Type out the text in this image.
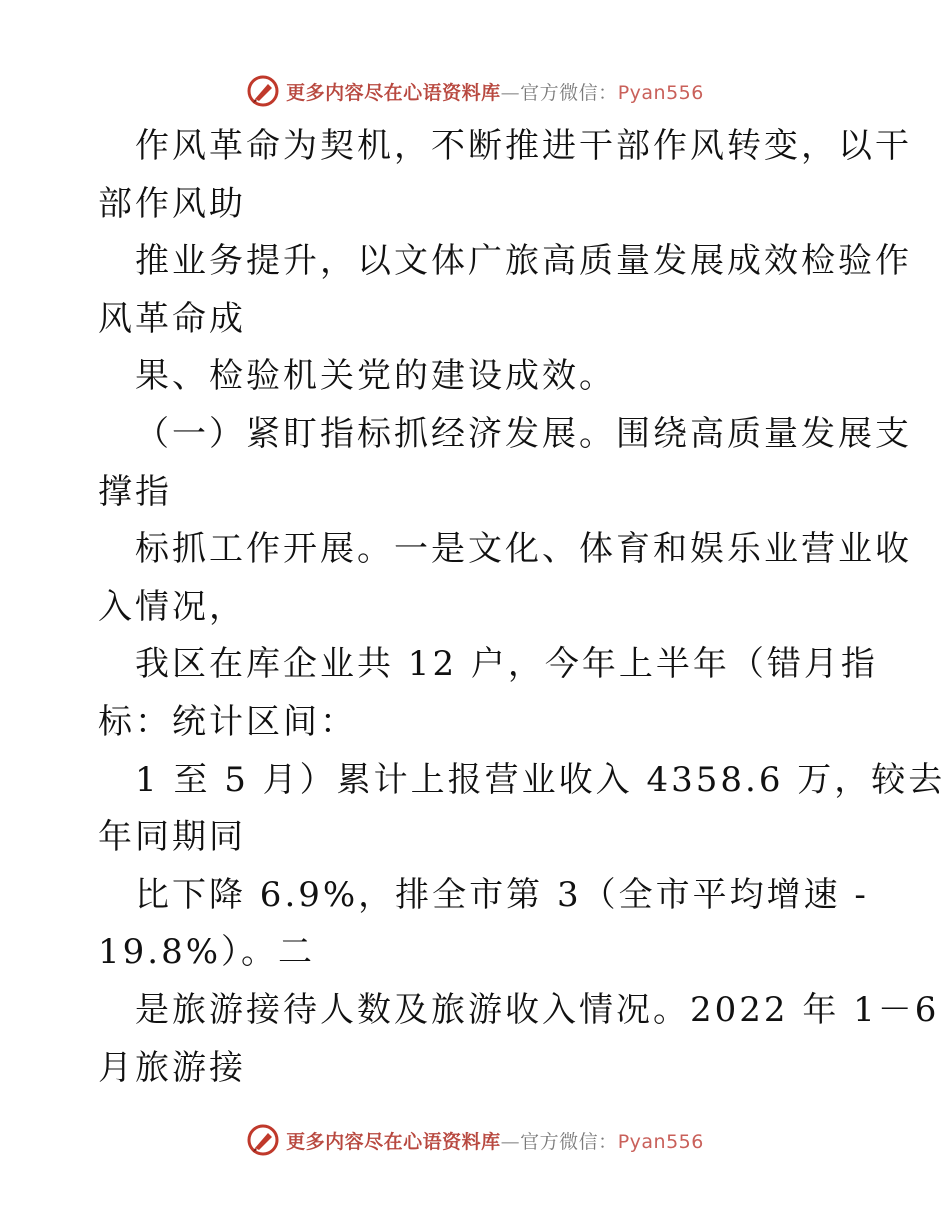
更多内容尽在心语资料库—官方微信：Pyan556
作风革命为契机，不断推进干部作风转变，以干
部作风助
推业务提升，以文体广旅高质量发展成效检验作
风革命成
果、检验机关党的建设成效。
（一）紧盯指标抓经济发展。围绕高质量发展支
撑指
标抓工作开展。一是文化、体育和娱乐业营业收
入情况，
我区在库企业共 12 户，今年上半年（错月指
标：统计区间：
1 至 5 月）累计上报营业收入 4358.6 万，较去
年同期同
比下降 6.9%，排全市第 3（全市平均增速 -
19.8%）。二
是旅游接待人数及旅游收入情况。2022 年 1－6
月旅游接
更多内容尽在心语资料库—官方微信：Pyan556
